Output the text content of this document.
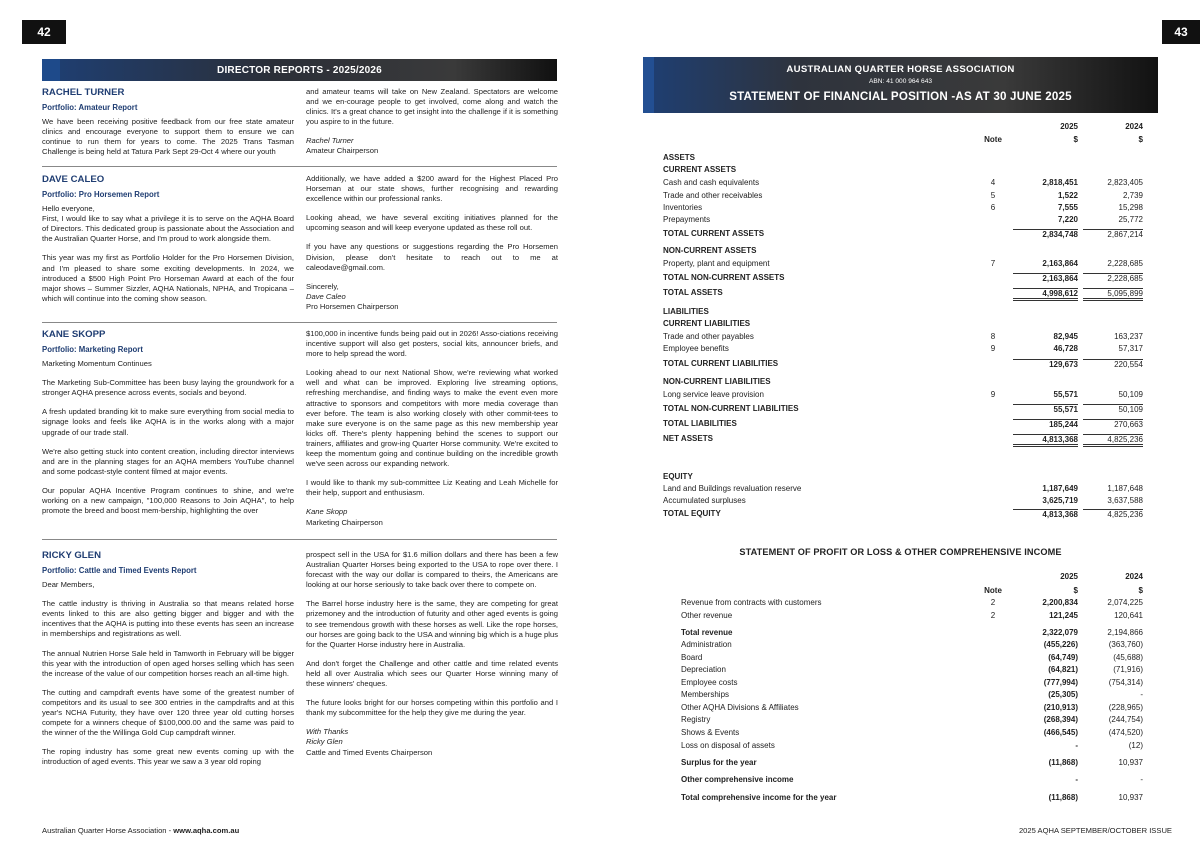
42	43
DIRECTOR REPORTS - 2025/2026
RACHEL TURNER
Portfolio: Amateur Report

We have been receiving positive feedback from our free state amateur clinics and encourage everyone to support them to ensure we can continue to run them for years to come. The 2025 Trans Tasman Challenge is being held at Tatura Park Sept 29-Oct 4 where our youth

and amateur teams will take on New Zealand. Spectators are welcome and we en-courage people to get involved, come along and watch the clinics. It's a great chance to get insight into the challenge if it is something you aspire to in the future.

Rachel Turner
Amateur Chairperson
DAVE CALEO
Portfolio: Pro Horsemen Report

Hello everyone,

First, I would like to say what a privilege it is to serve on the AQHA Board of Directors. This dedicated group is passionate about the Association and the Australian Quarter Horse, and I'm proud to work alongside them.

This year was my first as Portfolio Holder for the Pro Horsemen Division, and I'm pleased to share some exciting developments. In 2024, we introduced a $500 High Point Pro Horseman Award at each of the four major shows – Summer Sizzler, AQHA Nationals, NPHA, and Tropicana – which will continue into the coming show season.

Additionally, we have added a $200 award for the Highest Placed Pro Horseman at our state shows, further recognising and rewarding excellence within our professional ranks.

Looking ahead, we have several exciting initiatives planned for the upcoming season and will keep everyone updated as these roll out.

If you have any questions or suggestions regarding the Pro Horsemen Division, please don't hesitate to reach out to me at caleodave@gmail.com.

Sincerely,
Dave Caleo
Pro Horsemen Chairperson
KANE SKOPP
Portfolio: Marketing Report

Marketing Momentum Continues

The Marketing Sub-Committee has been busy laying the groundwork for a stronger AQHA presence across events, socials and beyond.

A fresh updated branding kit to make sure everything from social media to signage looks and feels like AQHA is in the works along with a major upgrade of our trade stall.

We're also getting stuck into content creation, including director interviews and are in the planning stages for an AQHA members YouTube channel and some podcast-style content filmed at major events.

Our popular AQHA Incentive Program continues to shine, and we're working on a new campaign, "100,000 Reasons to Join AQHA", to help promote the breed and boost mem-bership, highlighting the over

$100,000 in incentive funds being paid out in 2026! Asso-ciations receiving incentive support will also get posters, social kits, announcer briefs, and more to help spread the word.

Looking ahead to our next National Show, we're reviewing what worked well and what can be improved. Exploring live streaming options, refreshing merchandise, and finding ways to make the event even more attractive to sponsors and competitors with more media coverage than ever before. The team is also working closely with other commit-tees to make sure everyone is on the same page as this new membership year kicks off. There's plenty happening behind the scenes to support our trainers, affiliates and grow-ing Quarter Horse community. We're excited to keep the momentum going and continue building on the incredible growth we've seen across our expanding network.

I would like to thank my sub-committee Liz Keating and Leah Michelle for their help, support and enthusiasm.

Kane Skopp
Marketing Chairperson
RICKY GLEN
Portfolio: Cattle and Timed Events Report

Dear Members,

The cattle industry is thriving in Australia so that means related horse events linked to this are also getting bigger and bigger and with the incentives that the AQHA is putting into these events has seen an increase in memberships and registrations as well.

The annual Nutrien Horse Sale held in Tamworth in February will be bigger this year with the introduction of open aged horses selling which has seen the increase of the value of our competition horses reach an all-time high.

The cutting and campdraft events have some of the greatest number of competitors and its usual to see 300 entries in the campdrafts and at this year's NCHA Futurity, they have over 120 three year old cutting horses compete for a winners cheque of $100,000.00 and the same was paid to the winner of the the Willinga Gold Cup campdraft winner.

The roping industry has some great new events coming up with the introduction of aged events. This year we saw a 3 year old roping

prospect sell in the USA for $1.6 million dollars and there has been a few Australian Quarter Horses being exported to the USA to rope over there. I forecast with the way our dollar is compared to theirs, the Americans are looking at our horse seriously to take back over there to compete on.

The Barrel horse industry here is the same, they are competing for great prizemoney and the introduction of futurity and other aged events is going to see tremendous growth with these horses as well. Like the rope horses, our horses are going back to the USA and winning big which is a huge plus for the Quarter Horse industry here in Australia.

And don't forget the Challenge and other cattle and time related events held all over Australia which sees our Quarter Horse winning many of these winners' cheques.

The future looks bright for our horses competing within this portfolio and I thank my subcommittee for the help they give me during the year.

With Thanks
Ricky Glen
Cattle and Timed Events Chairperson
Australian Quarter Horse Association - www.aqha.com.au	2025 AQHA SEPTEMBER/OCTOBER ISSUE
AUSTRALIAN QUARTER HORSE ASSOCIATION
ABN: 41 000 964 643
STATEMENT OF FINANCIAL POSITION -AS AT 30 JUNE 2025
2025	2024
Note	$	$
ASSETS
CURRENT ASSETS
Cash and cash equivalents	4	2,818,451	2,823,405
Trade and other receivables	5	1,522	2,739
Inventories	6	7,555	15,298
Prepayments	7,220	25,772
TOTAL CURRENT ASSETS	2,834,748	2,867,214
NON-CURRENT ASSETS
Property, plant and equipment	7	2,163,864	2,228,685
TOTAL NON-CURRENT ASSETS	2,163,864	2,228,685
TOTAL ASSETS	4,998,612	5,095,899
LIABILITIES
CURRENT LIABILITIES
Trade and other payables	8	82,945	163,237
Employee benefits	9	46,728	57,317
TOTAL CURRENT LIABILITIES	129,673	220,554
NON-CURRENT LIABILITIES
Long service leave provision	9	55,571	50,109
TOTAL NON-CURRENT LIABILITIES	55,571	50,109
TOTAL LIABILITIES	185,244	270,663
NET ASSETS	4,813,368	4,825,236
EQUITY
Land and Buildings revaluation reserve	1,187,649	1,187,648
Accumulated surpluses	3,625,719	3,637,588
TOTAL EQUITY	4,813,368	4,825,236
STATEMENT OF PROFIT OR LOSS & OTHER COMPREHENSIVE INCOME
2025	2024
Note	$	$
Revenue from contracts with customers	2	2,200,834	2,074,225
Other revenue	2	121,245	120,641
Total revenue	2,322,079	2,194,866
Administration	(455,226)	(363,760)
Board	(64,749)	(45,688)
Depreciation	(64,821)	(71,916)
Employee costs	(777,994)	(754,314)
Memberships	(25,305)	-
Other AQHA Divisions & Affiliates	(210,913)	(228,965)
Registry	(268,394)	(244,754)
Shows & Events	(466,545)	(474,520)
Loss on disposal of assets	-	(12)
Surplus for the year	(11,868)	10,937
Other comprehensive income	-	-
Total comprehensive income for the year	(11,868)	10,937
